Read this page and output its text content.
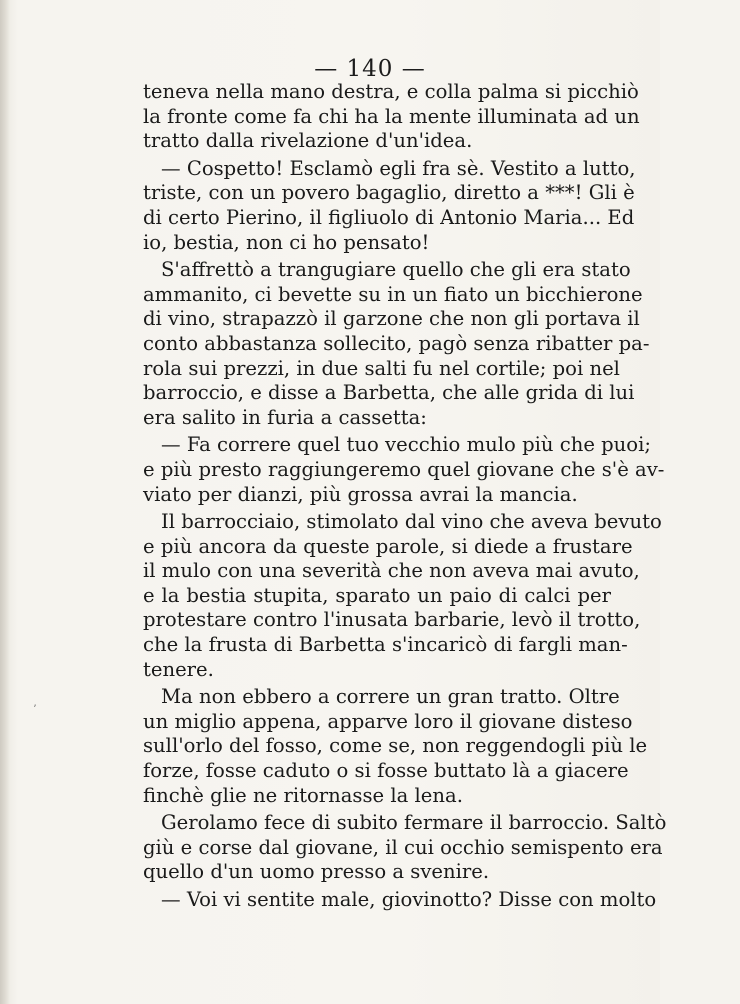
— 140 —
ʼ
teneva nella mano destra, e colla palma si picchiò
la fronte come fa chi ha la mente illuminata ad un
tratto dalla rivelazione d'un'idea.
— Cospetto! Esclamò egli fra sè. Vestito a lutto,
triste, con un povero bagaglio, diretto a ***! Gli è
di certo Pierino, il figliuolo di Antonio Maria... Ed
io, bestia, non ci ho pensato!
S'affrettò a trangugiare quello che gli era stato
ammanito, ci bevette su in un fiato un bicchierone
di vino, strapazzò il garzone che non gli portava il
conto abbastanza sollecito, pagò senza ribatter pa-
rola sui prezzi, in due salti fu nel cortile; poi nel
barroccio, e disse a Barbetta, che alle grida di lui
era salito in furia a cassetta:
— Fa correre quel tuo vecchio mulo più che puoi;
e più presto raggiungeremo quel giovane che s'è av-
viato per dianzi, più grossa avrai la mancia.
Il barrocciaio, stimolato dal vino che aveva bevuto
e più ancora da queste parole, si diede a frustare
il mulo con una severità che non aveva mai avuto,
e la bestia stupita, sparato un paio di calci per
protestare contro l'inusata barbarie, levò il trotto,
che la frusta di Barbetta s'incaricò di fargli man-
tenere.
Ma non ebbero a correre un gran tratto. Oltre
un miglio appena, apparve loro il giovane disteso
sull'orlo del fosso, come se, non reggendogli più le
forze, fosse caduto o si fosse buttato là a giacere
finchè glie ne ritornasse la lena.
Gerolamo fece di subito fermare il barroccio. Saltò
giù e corse dal giovane, il cui occhio semispento era
quello d'un uomo presso a svenire.
— Voi vi sentite male, giovinotto? Disse con molto
